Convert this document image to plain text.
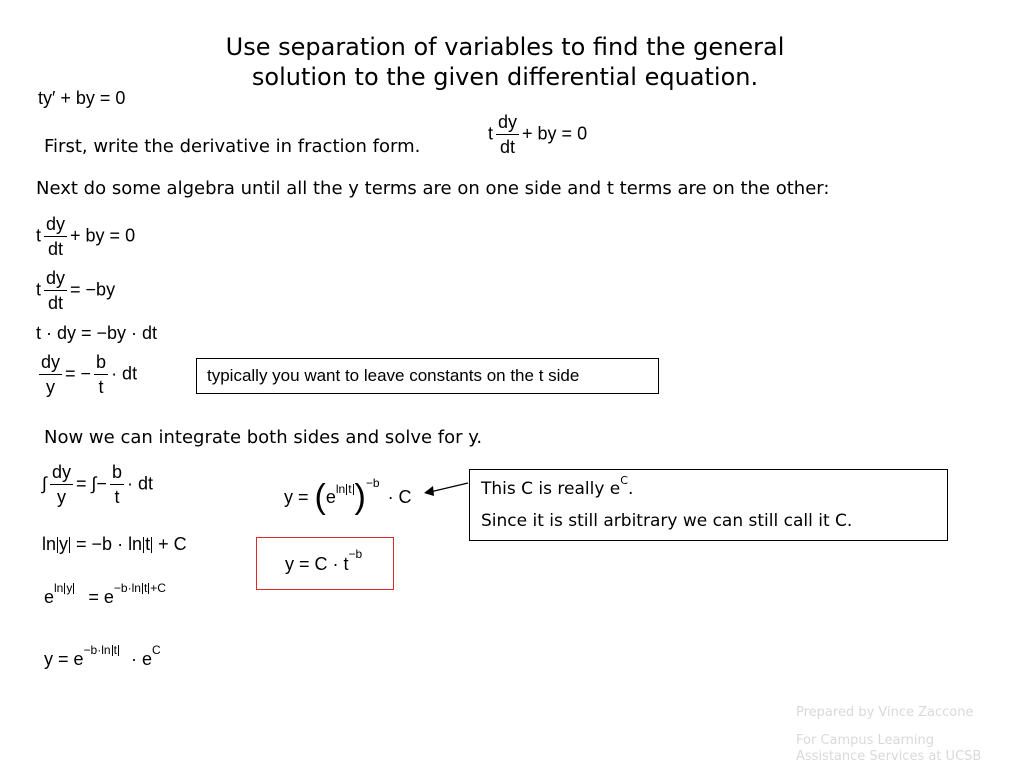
Use separation of variables to find the general
solution to the given differential equation.
ty′ + by = 0
First, write the derivative in fraction form.
t $\frac{dy}{dt}$ + by = 0
Next do some algebra until all the y terms are on one side and t terms are on the other:
t $\frac{dy}{dt}$ + by = 0
t $\frac{dy}{dt} = -by$
t · dy = −by · dt
$\frac{dy}{y}$ = − $\frac{b}{t}$ · dt	typically you want to leave constants on the t side
Now we can integrate both sides and solve for y.
∫ $\frac{dy}{y}$ = ∫− $\frac{b}{t}$ · dt
ln y = −b · ln t + C
$e^{ln y} = e^{-b\cdot ln t +C}$
$y = e^{-b\cdot ln t} \cdot e^C$
y = ( e ln t ) −b
· C	This C is really $e^C$.
Since it is still arbitrary we can still call it C.
$y = C \cdot t^{-b}$
Prepared by Vince Zaccone
For Campus Learning
Assistance Services at UCSB
